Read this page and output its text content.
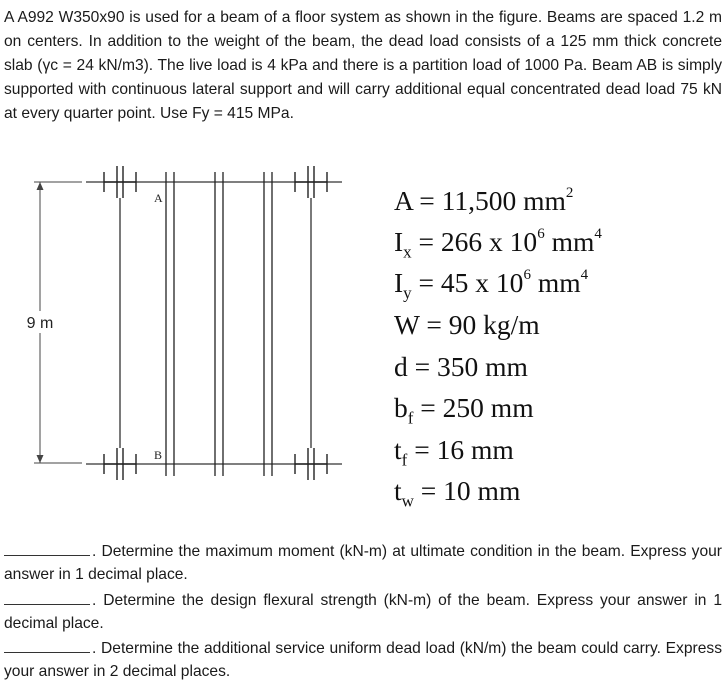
A A992 W350x90 is used for a beam of a floor system as shown in the figure. Beams are spaced 1.2 m on centers. In addition to the weight of the beam, the dead load consists of a 125 mm thick concrete slab (γc = 24 kN/m3). The live load is 4 kPa and there is a partition load of 1000 Pa. Beam AB is simply supported with continuous lateral support and will carry additional equal concentrated dead load 75 kN at every quarter point. Use Fy = 415 MPa.
9 m
A
B
A = 11,500 $mm^2$
$I_x = 266$ x $10^6$ $mm^4$
$I_y = 45$ x $10^6$ $mm^4$
W = 90 kg/m
d = 350 mm
$b_f = 250$ mm
$t_f = 16$ mm
$t_w = 10$ mm
. Determine the maximum moment (kN-m) at ultimate condition in the beam. Express your answer in 1 decimal place.
. Determine the design flexural strength (kN-m) of the beam. Express your answer in 1 decimal place.
. Determine the additional service uniform dead load (kN/m) the beam could carry. Express your answer in 2 decimal places.
